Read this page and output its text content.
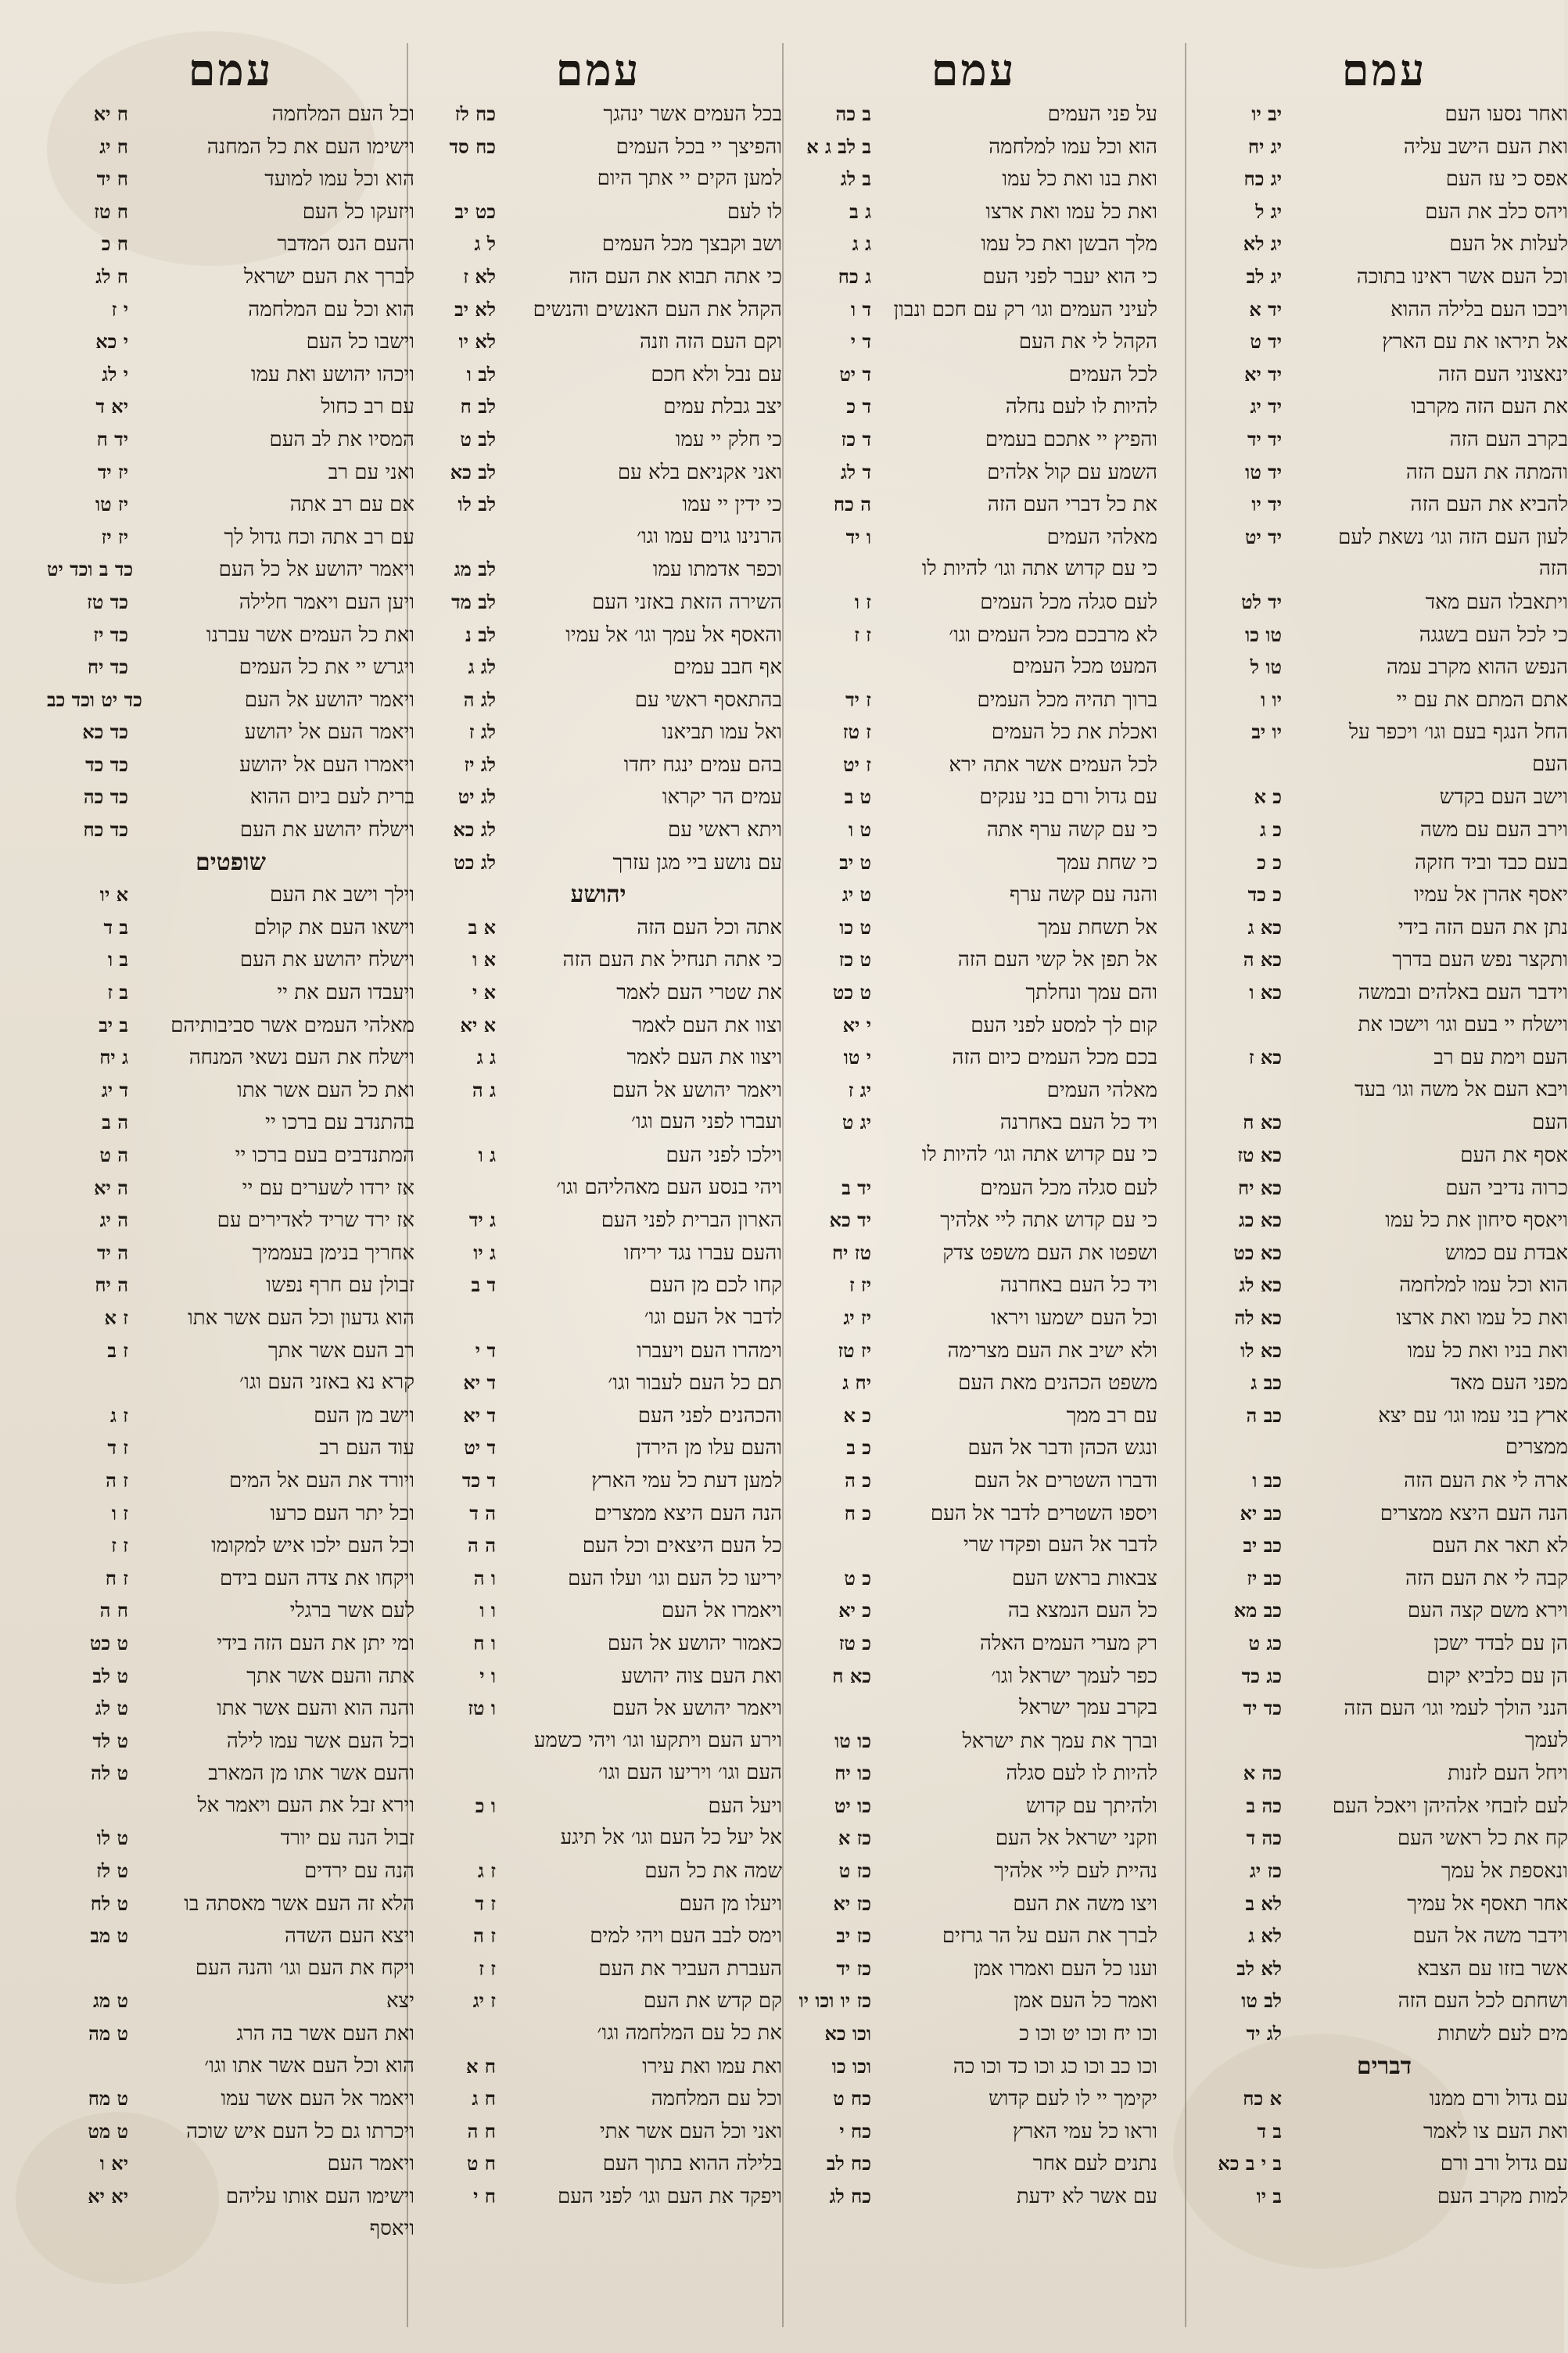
עמם
ואחר נסעו העם
יב יו
ואת העם הישב עליה
יג יח
אפס כי עז העם
יג כח
ויהס כלב את העם
יג ל
לעלות אל העם
יג לא
וכל העם אשר ראינו בתוכה
יג לב
ויבכו העם בלילה ההוא
יד א
אל תיראו את עם הארץ
יד ט
ינאצוני העם הזה
יד יא
את העם הזה מקרבו
יד יג
בקרב העם הזה
יד יד
והמתה את העם הזה
יד טו
להביא את העם הזה
יד יו
לעון העם הזה וגו׳ נשאת לעם
יד יט
הזה
ויתאבלו העם מאד
יד לט
כי לכל העם בשגגה
טו כו
הנפש ההוא מקרב עמה
טו ל
אתם המתם את עם יי
יו ו
החל הנגף בעם וגו׳ ויכפר על
יו יב
העם
וישב העם בקדש
כ א
וירב העם עם משה
כ ג
בעם כבד וביד חזקה
כ כ
יאסף אהרן אל עמיו
כ כד
נתן את העם הזה בידי
כא ג
ותקצר נפש העם בדרך
כא ה
וידבר העם באלהים ובמשה
כא ו
וישלח יי בעם וגו׳ וישכו את
העם וימת עם רב
כא ז
ויבא העם אל משה וגו׳ בעד
העם
כא ח
אסף את העם
כא טז
כרוה נדיבי העם
כא יח
ויאסף סיחון את כל עמו
כא כג
אבדת עם כמוש
כא כט
הוא וכל עמו למלחמה
כא לג
ואת כל עמו ואת ארצו
כא לה
ואת בניו ואת כל עמו
כא לו
מפני העם מאד
כב ג
ארץ בני עמו וגו׳ עם יצא
כב ה
ממצרים
ארה לי את העם הזה
כב ו
הנה העם היצא ממצרים
כב יא
לא תאר את העם
כב יב
קבה לי את העם הזה
כב יז
וירא משם קצה העם
כב מא
הן עם לבדד ישכן
כג ט
הן עם כלביא יקום
כג כד
הנני הולך לעמי וגו׳ העם הזה
כד יד
לעמך
ויחל העם לזנות
כה א
לעם לזבחי אלהיהן ויאכל העם
כה ב
קח את כל ראשי העם
כה ד
ונאספת אל עמך
כז יג
אחר תאסף אל עמיך
לא ב
וידבר משה אל העם
לא ג
אשר בזזו עם הצבא
לא לב
ושחתם לכל העם הזה
לב טו
מים לעם לשתות
לג יד
דברים
עם גדול ורם ממנו
א כח
ואת העם צו לאמר
ב ד
עם גדול ורב ורם
ב י ב כא
למות מקרב העם
ב יו
עמם
על פני העמים
ב כה
הוא וכל עמו למלחמה
ב לב ג א
ואת בנו ואת כל עמו
ב לג
ואת כל עמו ואת ארצו
ג ב
מלך הבשן ואת כל עמו
ג ג
כי הוא יעבר לפני העם
ג כח
לעיני העמים וגו׳ רק עם חכם ונבון
ד ו
הקהל לי את העם
ד י
לכל העמים
ד יט
להיות לו לעם נחלה
ד כ
והפיץ יי אתכם בעמים
ד כז
השמע עם קול אלהים
ד לג
את כל דברי העם הזה
ה כח
מאלהי העמים
ו יד
כי עם קדוש אתה וגו׳ להיות לו
לעם סגלה מכל העמים
ז ו
לא מרבכם מכל העמים וגו׳
ז ז
המעט מכל העמים
ברוך תהיה מכל העמים
ז יד
ואכלת את כל העמים
ז טז
לכל העמים אשר אתה ירא
ז יט
עם גדול ורם בני ענקים
ט ב
כי עם קשה ערף אתה
ט ו
כי שחת עמך
ט יב
והנה עם קשה ערף
ט יג
אל תשחת עמך
ט כו
אל תפן אל קשי העם הזה
ט כז
והם עמך ונחלתך
ט כט
קום לך למסע לפני העם
י יא
בכם מכל העמים כיום הזה
י טו
מאלהי העמים
יג ז
ויד כל העם באחרנה
יג ט
כי עם קדוש אתה וגו׳ להיות לו
לעם סגלה מכל העמים
יד ב
כי עם קדוש אתה ליי אלהיך
יד כא
ושפטו את העם משפט צדק
טז יח
ויד כל העם באחרנה
יז ז
וכל העם ישמעו ויראו
יז יג
ולא ישיב את העם מצרימה
יז טז
משפט הכהנים מאת העם
יח ג
עם רב ממך
כ א
ונגש הכהן ודבר אל העם
כ ב
ודברו השטרים אל העם
כ ה
ויספו השטרים לדבר אל העם
כ ח
לדבר אל העם ופקדו שרי
צבאות בראש העם
כ ט
כל העם הנמצא בה
כ יא
רק מערי העמים האלה
כ טז
כפר לעמך ישראל וגו׳
כא ח
בקרב עמך ישראל
וברך את עמך את ישראל
כו טו
להיות לו לעם סגלה
כו יח
ולהיתך עם קדוש
כו יט
וזקני ישראל אל העם
כז א
נהיית לעם ליי אלהיך
כז ט
ויצו משה את העם
כז יא
לברך את העם על הר גרזים
כז יב
וענו כל העם ואמרו אמן
כז יד
ואמר כל העם אמן
כז יו וכו יו
וכו יח וכו יט וכו כ
וכו כא
וכו כב וכו כג וכו כד וכו כה
וכו כו
יקימך יי לו לעם קדוש
כח ט
וראו כל עמי הארץ
כח י
נתנים לעם אחר
כח לב
עם אשר לא ידעת
כח לג
עמם
בכל העמים אשר ינהגך
כח לז
והפיצך יי בכל העמים
כח סד
למען הקים יי אתך היום
לו לעם
כט יב
ושב וקבצך מכל העמים
ל ג
כי אתה תבוא את העם הזה
לא ז
הקהל את העם האנשים והנשים
לא יב
וקם העם הזה וזנה
לא יו
עם נבל ולא חכם
לב ו
יצב גבלת עמים
לב ח
כי חלק יי עמו
לב ט
ואני אקניאם בלא עם
לב כא
כי ידין יי עמו
לב לו
הרנינו גוים עמו וגו׳
וכפר אדמתו עמו
לב מג
השירה הזאת באזני העם
לב מד
והאסף אל עמך וגו׳ אל עמיו
לב נ
אף חבב עמים
לג ג
בהתאסף ראשי עם
לג ה
ואל עמו תביאנו
לג ז
בהם עמים ינגח יחדו
לג יז
עמים הר יקראו
לג יט
ויתא ראשי עם
לג כא
עם נושע ביי מגן עזרך
לג כט
יהושע
אתה וכל העם הזה
א ב
כי אתה תנחיל את העם הזה
א ו
את שטרי העם לאמר
א י
וצוו את העם לאמר
א יא
ויצוו את העם לאמר
ג ג
ויאמר יהושע אל העם
ג ה
ועברו לפני העם וגו׳
וילכו לפני העם
ג ו
ויהי בנסע העם מאהליהם וגו׳
הארון הברית לפני העם
ג יד
והעם עברו נגד יריחו
ג יו
קחו לכם מן העם
ד ב
לדבר אל העם וגו׳
וימהרו העם ויעברו
ד י
תם כל העם לעבור וגו׳
ד יא
והכהנים לפני העם
ד יא
והעם עלו מן הירדן
ד יט
למען דעת כל עמי הארץ
ד כד
הנה העם היצא ממצרים
ה ד
כל העם היצאים וכל העם
ה ה
יריעו כל העם וגו׳ ועלו העם
ו ה
ויאמרו אל העם
ו ו
כאמור יהושע אל העם
ו ח
ואת העם צוה יהושע
ו י
ויאמר יהושע אל העם
ו טז
וירע העם ויתקעו וגו׳ ויהי כשמע
העם וגו׳ ויריעו העם וגו׳
ויעל העם
ו כ
אל יעל כל העם וגו׳ אל תיגע
שמה את כל העם
ז ג
ויעלו מן העם
ז ד
וימס לבב העם ויהי למים
ז ה
העברת העביר את העם
ז ז
קם קדש את העם
ז יג
את כל עם המלחמה וגו׳
ואת עמו ואת עירו
ח א
וכל עם המלחמה
ח ג
ואני וכל העם אשר אתי
ח ה
בלילה ההוא בתוך העם
ח ט
ויפקד את העם וגו׳ לפני העם
ח י
עמם
וכל העם המלחמה
ח יא
וישימו העם את כל המחנה
ח יג
הוא וכל עמו למועד
ח יד
ויזעקו כל העם
ח טז
והעם הנס המדבר
ח כ
לברך את העם ישראל
ח לג
הוא וכל עם המלחמה
י ז
וישבו כל העם
י כא
ויכהו יהושע ואת עמו
י לג
עם רב כחול
יא ד
המסיו את לב העם
יד ח
ואני עם רב
יז יד
אם עם רב אתה
יז טו
עם רב אתה וכח גדול לך
יז יז
ויאמר יהושע אל כל העם
כד ב וכד יט
ויען העם ויאמר חלילה
כד טז
ואת כל העמים אשר עברנו
כד יז
ויגרש יי את כל העמים
כד יח
ויאמר יהושע אל העם
כד יט וכד כב
ויאמר העם אל יהושע
כד כא
ויאמרו העם אל יהושע
כד כד
ברית לעם ביום ההוא
כד כה
וישלח יהושע את העם
כד כח
שופטים
וילך וישב את העם
א יו
וישאו העם את קולם
ב ד
וישלח יהושע את העם
ב ו
ויעבדו העם את יי
ב ז
מאלהי העמים אשר סביבותיהם
ב יב
וישלח את העם נשאי המנחה
ג יח
ואת כל העם אשר אתו
ד יג
בהתנדב עם ברכו יי
ה ב
המתנדבים בעם ברכו יי
ה ט
אז ירדו לשערים עם יי
ה יא
אז ירד שריד לאדירים עם
ה יג
אחריך בנימן בעממיך
ה יד
זבולן עם חרף נפשו
ה יח
הוא גדעון וכל העם אשר אתו
ז א
רב העם אשר אתך
ז ב
קרא נא באזני העם וגו׳
וישב מן העם
ז ג
עוד העם רב
ז ד
ויורד את העם אל המים
ז ה
וכל יתר העם כרעו
ז ו
וכל העם ילכו איש למקומו
ז ז
ויקחו את צדה העם בידם
ז ח
לעם אשר ברגלי
ח ה
ומי יתן את העם הזה בידי
ט כט
אתה והעם אשר אתך
ט לב
והנה הוא והעם אשר אתו
ט לג
וכל העם אשר עמו לילה
ט לד
והעם אשר אתו מן המארב
ט לה
וירא זבל את העם ויאמר אל
זבול הנה עם יורד
ט לו
הנה עם ירדים
ט לז
הלא זה העם אשר מאסתה בו
ט לח
ויצא העם השדה
ט מב
ויקח את העם וגו׳ והנה העם
יצא
ט מג
ואת העם אשר בה הרג
ט מה
הוא וכל העם אשר אתו וגו׳
ויאמר אל העם אשר עמו
ט מח
ויכרתו גם כל העם איש שוכה
ט מט
ויאמר העם
יא ו
וישימו העם אותו עליהם
יא יא
ויאסף
